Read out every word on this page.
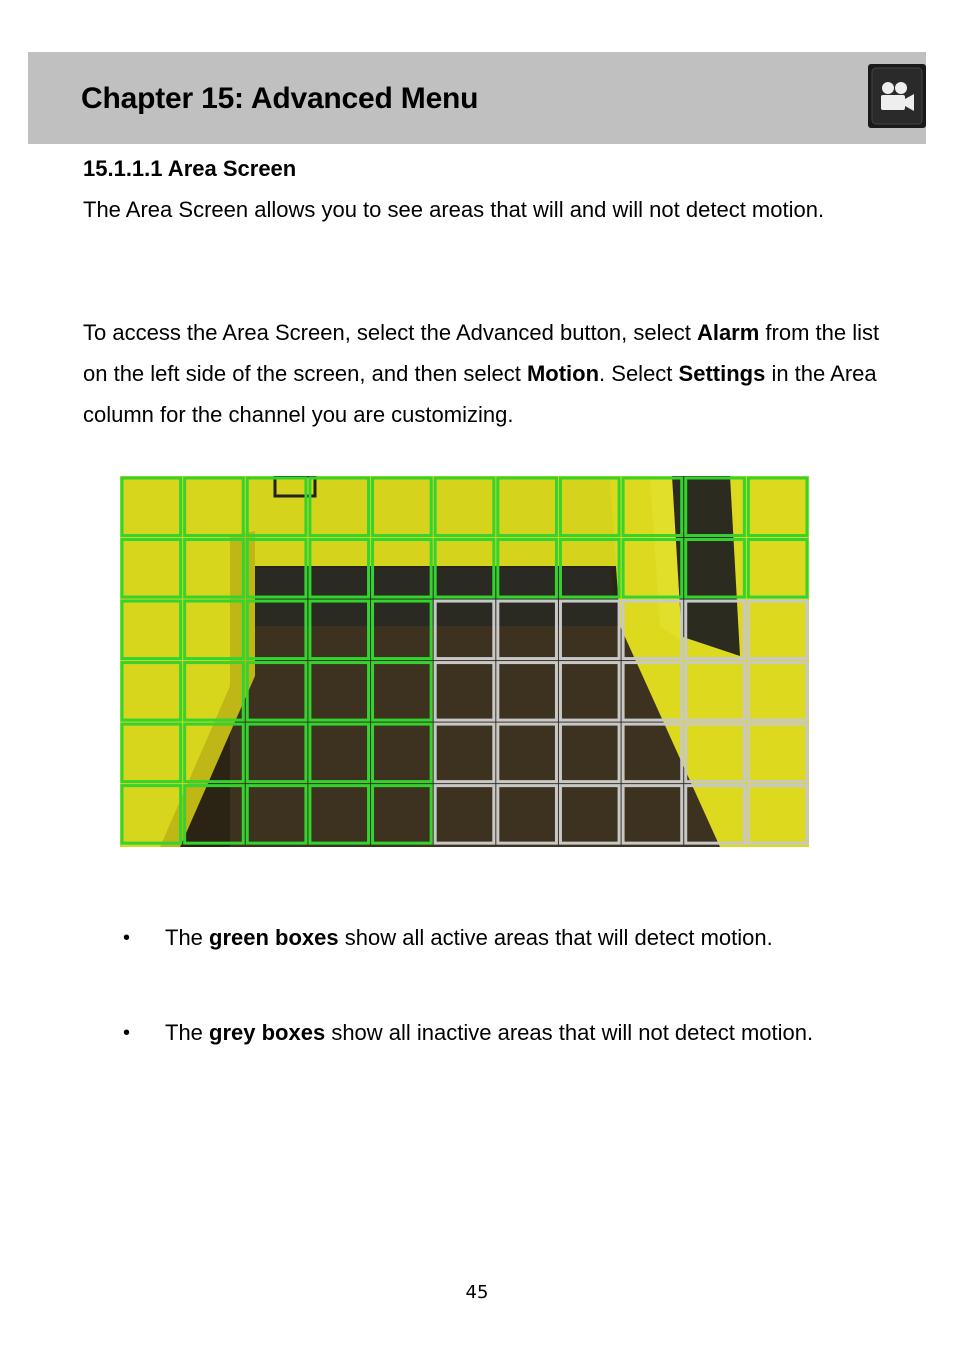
Chapter 15: Advanced Menu
15.1.1.1 Area Screen

The Area Screen allows you to see areas that will and will not detect motion.

To access the Area Screen, select the Advanced button, select Alarm from the list on the left side of the screen, and then select Motion. Select Settings in the Area column for the channel you are customizing.

• The green boxes show all active areas that will detect motion.
• The grey boxes show all inactive areas that will not detect motion.
45
